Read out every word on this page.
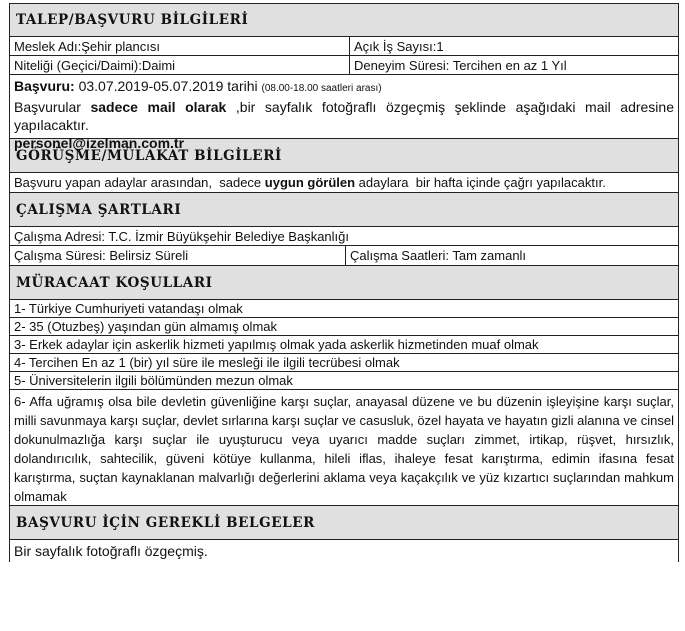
TALEP/BAŞVURU BİLGİLERİ
Meslek Adı:Şehir plancısı	Açık İş Sayısı:1
Niteliği (Geçici/Daimi):Daimi	Deneyim Süresi: Tercihen en az 1 Yıl
Başvuru: 03.07.2019-05.07.2019 tarihi (08.00-18.00 saatleri arası)
Başvurular sadece mail olarak ,bir sayfalık fotoğraflı özgeçmiş şeklinde aşağıdaki mail adresine yapılacaktır.
personel@izelman.com.tr
GÖRÜŞME/MÜLAKAT BİLGİLERİ
Başvuru yapan adaylar arasından,  sadece uygun görülen adaylara  bir hafta içinde çağrı yapılacaktır.
ÇALIŞMA ŞARTLARI
Çalışma Adresi: T.C. İzmir Büyükşehir Belediye Başkanlığı
Çalışma Süresi: Belirsiz Süreli	Çalışma Saatleri: Tam zamanlı
MÜRACAAT KOŞULLARI
1- Türkiye Cumhuriyeti vatandaşı olmak
2- 35 (Otuzbeş) yaşından gün almamış olmak
3- Erkek adaylar için askerlik hizmeti yapılmış olmak yada askerlik hizmetinden muaf olmak
4- Tercihen En az 1 (bir) yıl süre ile mesleği ile ilgili tecrübesi olmak
5- Üniversitelerin ilgili bölümünden mezun olmak
6- Affa uğramış olsa bile devletin güvenliğine karşı suçlar, anayasal düzene ve bu düzenin işleyişine karşı suçlar, milli savunmaya karşı suçlar, devlet sırlarına karşı suçlar ve casusluk, özel hayata ve hayatın gizli alanına ve cinsel dokunulmazlığa karşı suçlar ile uyuşturucu veya uyarıcı madde suçları zimmet, irtikap, rüşvet, hırsızlık, dolandırıcılık, sahtecilik, güveni kötüye kullanma, hileli iflas, ihaleye fesat karıştırma, edimin ifasına fesat karıştırma, suçtan kaynaklanan malvarlığı değerlerini aklama veya kaçakçılık ve yüz kızartıcı suçlarından mahkum olmamak
BAŞVURU İÇİN GEREKLİ BELGELER
Bir sayfalık fotoğraflı özgeçmiş.
